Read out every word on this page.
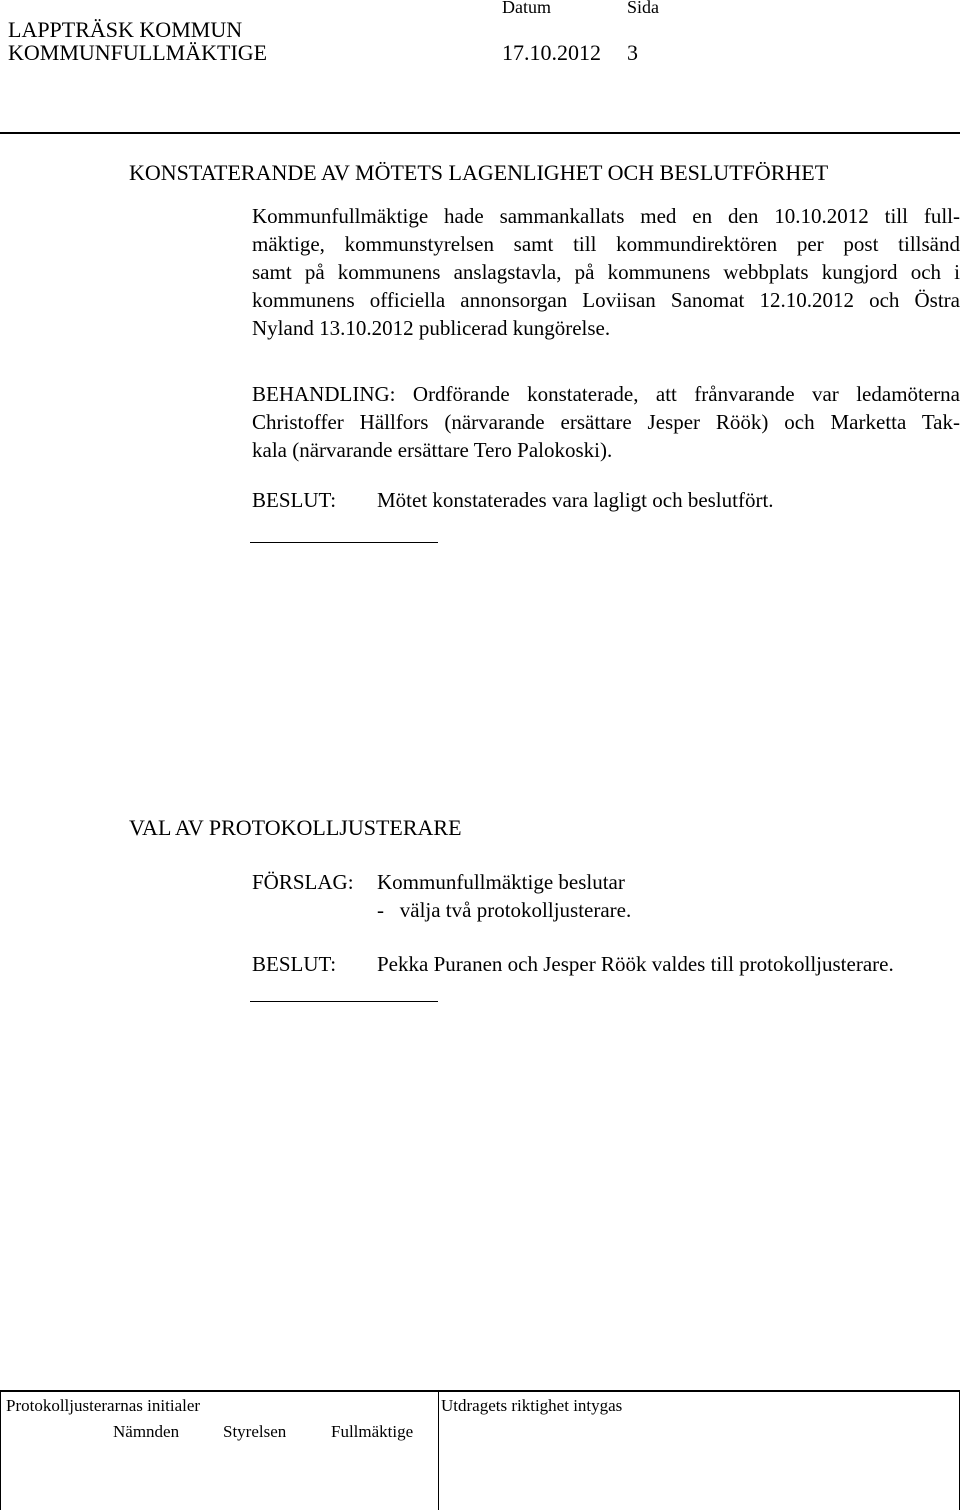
LAPPTRÄSK KOMMUN
KOMMUNFULLMÄKTIGE
Datum	Sida
17.10.2012 3
KONSTATERANDE AV MÖTETS LAGENLIGHET OCH BESLUTFÖRHET
Kommunfullmäktige hade sammankallats med en den 10.10.2012 till full-
mäktige, kommunstyrelsen samt till kommundirektören per post tillsänd
samt på kommunens anslagstavla, på kommunens webbplats kungjord och i
kommunens officiella annonsorgan Loviisan Sanomat 12.10.2012 och Östra
Nyland 13.10.2012 publicerad kungörelse.
BEHANDLING: Ordförande konstaterade, att frånvarande var ledamöterna
Christoffer Hällfors (närvarande ersättare Jesper Röök) och Marketta Tak-
kala (närvarande ersättare Tero Palokoski).
BESLUT: Mötet konstaterades vara lagligt och beslutfört.
VAL AV PROTOKOLLJUSTERARE
FÖRSLAG: Kommunfullmäktige beslutar
-   välja två protokolljusterare.
BESLUT: Pekka Puranen och Jesper Röök valdes till protokolljusterare.
Protokolljusterarnas initialer	Utdragets riktighet intygas
Nämnden	Styrelsen	Fullmäktige
